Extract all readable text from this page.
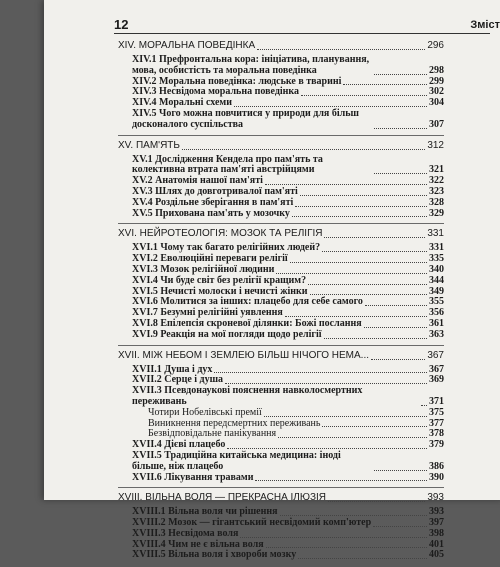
12	Зміст
XIV. МОРАЛЬНА ПОВЕДІНКА	296
XIV.1 Префронтальна кора: ініціатива, планування, мова, особистість та моральна поведінка	298
XIV.2 Моральна поведінка: людське в тварині	299
XIV.3 Несвідома моральна поведінка	302
XIV.4 Моральні схеми	304
XIV.5 Чого можна повчитися у природи для більш досконалого суспільства	307
XV. ПАМ'ЯТЬ	312
XV.1 Дослідження Кендела про пам'ять та колективна втрата пам'яті австрійцями	321
XV.2 Анатомія нашої пам'яті	322
XV.3 Шлях до довготривалої пам'яті	323
XV.4 Роздільне зберігання в пам'яті	328
XV.5 Прихована пам'ять у мозочку	329
XVI. НЕЙРОТЕОЛОГІЯ: МОЗОК ТА РЕЛІГІЯ	331
XVI.1 Чому так багато релігійних людей?	331
XVI.2 Еволюційні переваги релігії	335
XVI.3 Мозок релігійної людини	340
XVI.4 Чи буде світ без релігії кращим?	344
XVI.5 Нечисті молоски і нечисті жінки	349
XVI.6 Молитися за інших: плацебо для себе самого	355
XVI.7 Безумні релігійні уявлення	356
XVI.8 Епілепсія скроневої ділянки: Божі послання	361
XVI.9 Реакція на мої погляди щодо релігії	363
XVII. МІЖ НЕБОМ І ЗЕМЛЕЮ БІЛЬШ НІЧОГО НЕМА...	367
XVII.1 Душа і дух	367
XVII.2 Серце і душа	369
XVII.3 Псевдонаукові пояснення навколосмертних переживань	371
Чотири Нобелівські премії	375
Виникнення передсмертних переживань	377
Безвідповідальне панікування	378
XVII.4 Дієві плацебо	379
XVII.5 Традиційна китайська медицина: іноді більше, ніж плацебо	386
XVII.6 Лікування травами	390
XVIII. ВІЛЬНА ВОЛЯ — ПРЕКРАСНА ІЛЮЗІЯ	393
XVIII.1 Вільна воля чи рішення	393
XVIII.2 Мозок — гігантський несвідомий комп'ютер	397
XVIII.3 Несвідома воля	398
XVIII.4 Чим не є вільна воля	401
XVIII.5 Вільна воля і хвороби мозку	405
